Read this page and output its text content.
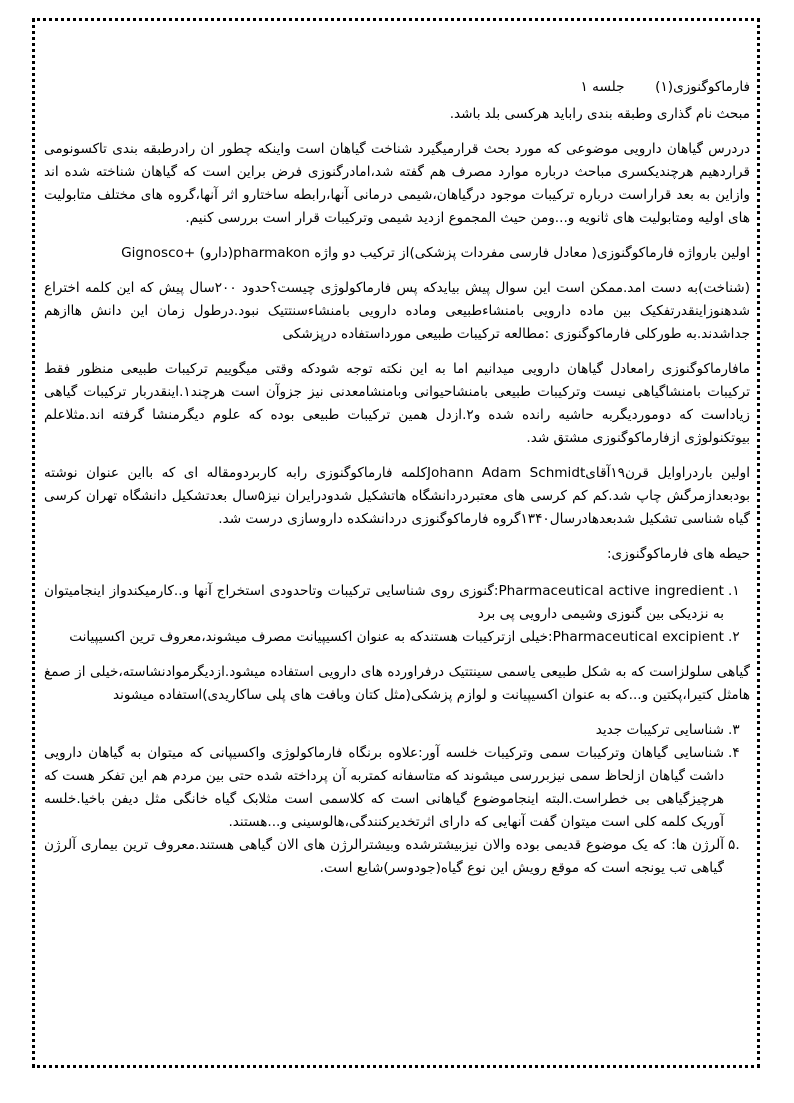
فارماکوگنوزی(۱)  جلسه ۱

مبحث نام گذاری وطبقه بندی رابايد هرکسی بلد باشد.

دردرس گیاهان دارویی موضوعی که مورد بحث قرارمیگیرد شناخت گیاهان است واینکه چطور ان رادرطبقه بندی تاکسونومی قراردهیم هرچندیکسری مباحث درباره موارد مصرف هم گفته شد،امادرگنوزی فرض براین است که گیاهان شناخته شده اند وازاین به بعد قراراست درباره ترکیبات موجود درگیاهان،شیمی درمانی آنها،رابطه ساختارو اثر آنها،گروه های مختلف متابولیت های اولیه ومتابولیت های ثانویه و...ومن حیث المجموع ازدید شیمی وترکیبات قرار است بررسی کنیم.

اولین بارواژه فارماکوگنوزی( معادل فارسی مفردات پزشکی)از ترکیب دو واژه pharmakon(دارو) +Gignosco

(شناخت)به دست امد.ممکن است این سوال پیش بیایدکه پس فارماکولوژی چیست؟حدود ۲۰۰سال پیش که این کلمه اختراع شدهنوزاینقدرتفکیک بین ماده دارویی بامنشاءطبیعی وماده دارویی بامنشاءسنتتیک نبود.درطول زمان این دانش هاازهم جداشدند.به طورکلی فارماکوگنوزی :مطالعه ترکیبات طبیعی مورداستفاده درپزشکی

مافارماکوگنوزی رامعادل گیاهان دارویی میدانیم اما به این نکته توجه شودکه وقتی میگوییم ترکیبات طبیعی منظور فقط ترکیبات بامنشاگیاهی نیست وترکیبات طبیعی بامنشاحیوانی وبامنشامعدنی نیز جزوآن است هرچند۱.اینقدربار ترکیبات گیاهی زیاداست که دوموردیگربه حاشیه رانده شده و۲.ازدل همین ترکیبات طبیعی بوده که علوم دیگرمنشا گرفته اند.مثلاعلم بیوتکنولوژی ازفارماکوگنوزی مشتق شد.

اولین باردراوایل قرن۱۹آقایJohann Adam Schmidtکلمه فارماکوگنوزی رابه کاربردومقاله ای که بااین عنوان نوشته بودبعدازمرگش چاپ شد.کم کم کرسی های معتبردردانشگاه هاتشکیل شدودرایران نیز۵سال بعدتشکیل دانشگاه تهران کرسی گیاه شناسی تشکیل شدبعدهادرسال۱۳۴۰گروه فارماکوگنوزی دردانشکده داروسازی درست شد.

حیطه های فارماکوگنوزی:

۱.
Pharmaceutical active ingredient:گنوزی روی شناسایی ترکیبات وتاحدودی استخراج آنها و..کارمیکندواز اینجامیتوان به نزدیکی بین گنوزی وشیمی دارویی پی برد
۲.
Pharmaceutical excipient:خیلی ازترکیبات هستندکه به عنوان اکسیپیانت مصرف میشوند،معروف ترین اکسیپیانت

گیاهی سلولزاست که به شکل طبیعی یاسمی سینتتیک درفراورده های دارویی استفاده میشود.ازدیگرموادنشاسته،خیلی از صمغ هامثل کتیرا،پکتین و...که به عنوان اکسیپیانت و لوازم پزشکی(مثل کتان وبافت های پلی ساکاریدی)استفاده میشوند

۳.
شناسایی ترکیبات جدید
۴.
شناسایی گیاهان وترکیبات سمی وترکیبات خلسه آور:علاوه برنگاه فارماکولوژی واکسیپانی که میتوان به گیاهان دارویی داشت گیاهان ازلحاظ سمی نیزبررسی میشوند که متاسفانه کمتربه آن پرداخته شده حتی بین مردم هم این تفکر هست که هرچیزگیاهی بی خطراست.البته اینجاموضوع گیاهانی است که کلاسمی است مثلابک گیاه خانگی مثل دیفن باخیا.خلسه آوریک کلمه کلی است میتوان گفت آنهایی که دارای اثرتخدیرکنندگی،هالوسینی و...هستند.
.۵
آلرژن ها: که یک موضوع قدیمی بوده والان نیزبیشترشده وبیشترالرژن های الان گیاهی هستند.معروف ترین بیماری آلرژن گیاهی تب یونجه است که موقع رویش این نوع گیاه(جودوسر)شایع است.
